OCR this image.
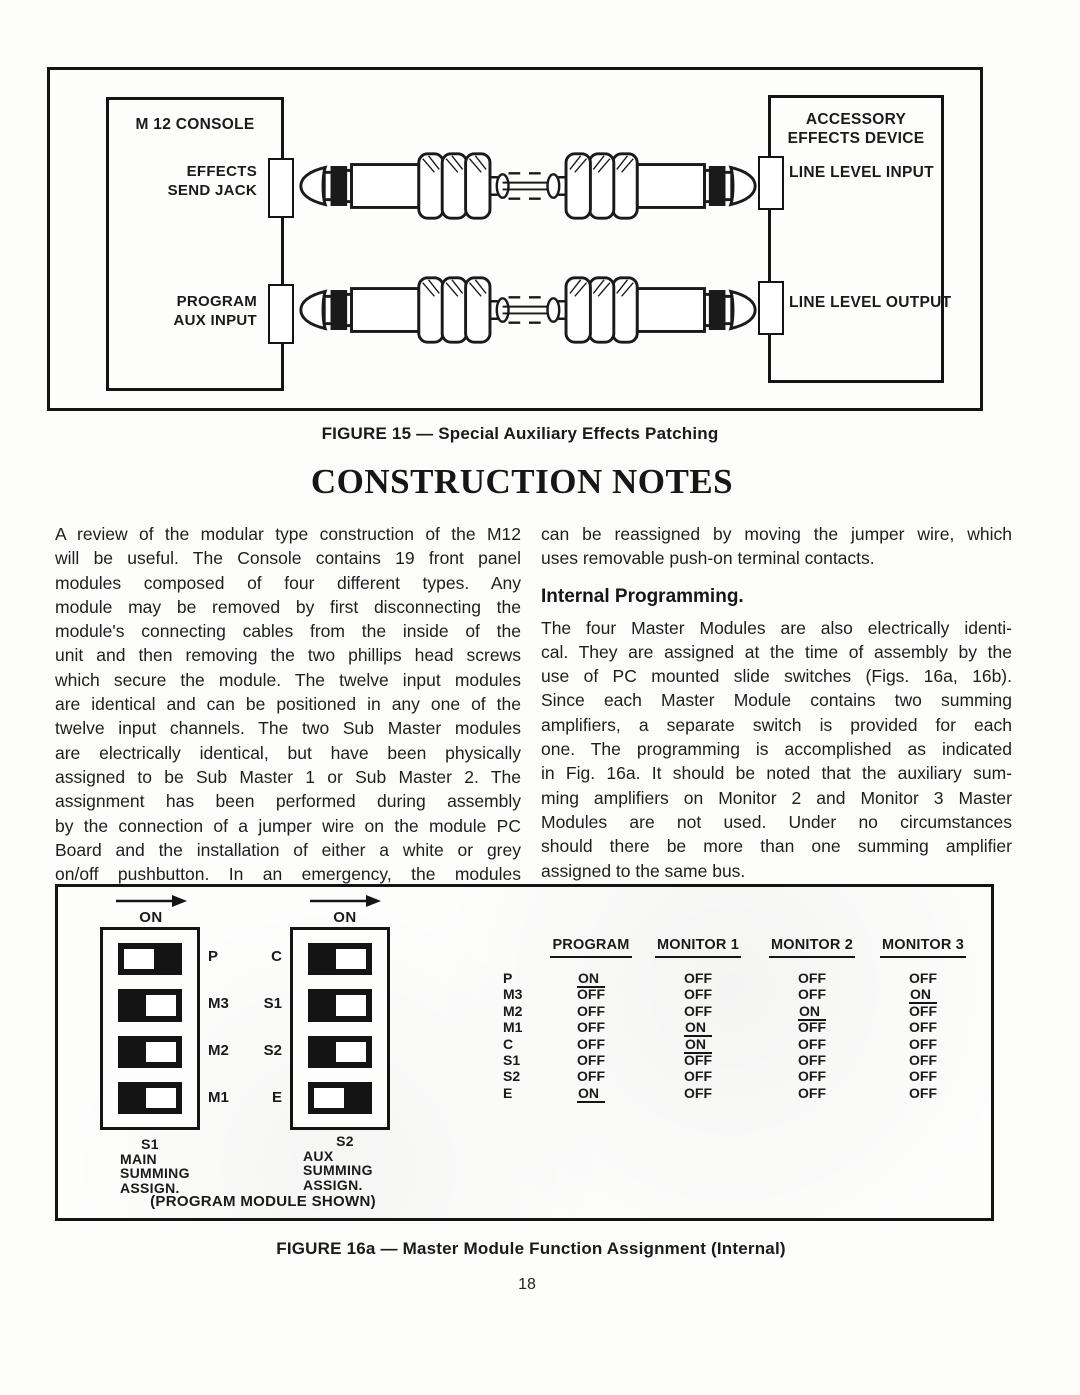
M 12 CONSOLE
EFFECTS
SEND JACK
PROGRAM
AUX INPUT
ACCESSORY
EFFECTS DEVICE
LINE LEVEL INPUT
LINE LEVEL OUTPUT
FIGURE 15 — Special Auxiliary Effects Patching
CONSTRUCTION NOTES
A review of the modular type construction of the M12
will be useful. The Console contains 19 front panel
modules composed of four different types. Any
module may be removed by first disconnecting the
module's connecting cables from the inside of the
unit and then removing the two phillips head screws
which secure the module. The twelve input modules
are identical and can be positioned in any one of the
twelve input channels. The two Sub Master modules
are electrically identical, but have been physically
assigned to be Sub Master 1 or Sub Master 2. The
assignment has been performed during assembly
by the connection of a jumper wire on the module PC
Board and the installation of either a white or grey
on/off pushbutton. In an emergency, the modules
can be reassigned by moving the jumper wire, which
uses removable push-on terminal contacts.
Internal Programming.
The four Master Modules are also electrically identi-
cal. They are assigned at the time of assembly by the
use of PC mounted slide switches (Figs. 16a, 16b).
Since each Master Module contains two summing
amplifiers, a separate switch is provided for each
one. The programming is accomplished as indicated
in Fig. 16a. It should be noted that the auxiliary sum-
ming amplifiers on Monitor 2 and Monitor 3 Master
Modules are not used. Under no circumstances
should there be more than one summing amplifier
assigned to the same bus.
ON	ON
P
M3
M2
M1
C
S1
S2
E
S1
MAIN
SUMMING
ASSIGN.
S2
AUX
SUMMING
ASSIGN.
(PROGRAM MODULE SHOWN)
PROGRAM	MONITOR 1	MONITOR 2	MONITOR 3
P	ON	OFF	OFF	OFF
M3	OFF	OFF	OFF	ON
M2	OFF	OFF	ON	OFF
M1	OFF	ON	OFF	OFF
C	OFF	ON	OFF	OFF
S1	OFF	OFF	OFF	OFF
S2	OFF	OFF	OFF	OFF
E	ON	OFF	OFF	OFF
FIGURE 16a — Master Module Function Assignment (Internal)
18
